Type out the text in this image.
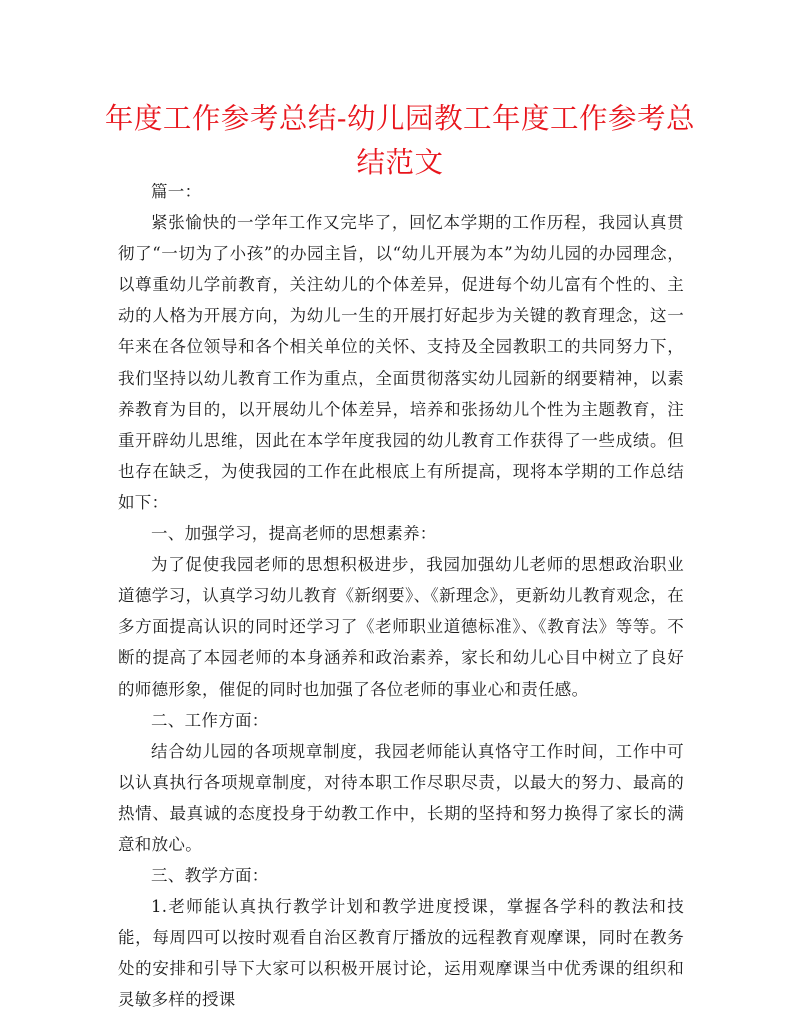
年度工作参考总结-幼儿园教工年度工作参考总结范文

篇一：

紧张愉快的一学年工作又完毕了，回忆本学期的工作历程，我园认真贯彻了“一切为了小孩”的办园主旨，以“幼儿开展为本”为幼儿园的办园理念，以尊重幼儿学前教育，关注幼儿的个体差异，促进每个幼儿富有个性的、主动的人格为开展方向，为幼儿一生的开展打好起步为关键的教育理念，这一年来在各位领导和各个相关单位的关怀、支持及全园教职工的共同努力下，我们坚持以幼儿教育工作为重点，全面贯彻落实幼儿园新的纲要精神，以素养教育为目的，以开展幼儿个体差异，培养和张扬幼儿个性为主题教育，注重开辟幼儿思维，因此在本学年度我园的幼儿教育工作获得了一些成绩。但也存在缺乏，为使我园的工作在此根底上有所提高，现将本学期的工作总结如下：

一、加强学习，提高老师的思想素养：

为了促使我园老师的思想积极进步，我园加强幼儿老师的思想政治职业道德学习，认真学习幼儿教育《新纲要》、《新理念》，更新幼儿教育观念，在多方面提高认识的同时还学习了《老师职业道德标准》、《教育法》等等。不断的提高了本园老师的本身涵养和政治素养，家长和幼儿心目中树立了良好的师德形象，催促的同时也加强了各位老师的事业心和责任感。

二、工作方面：

结合幼儿园的各项规章制度，我园老师能认真恪守工作时间，工作中可以认真执行各项规章制度，对待本职工作尽职尽责，以最大的努力、最高的热情、最真诚的态度投身于幼教工作中，长期的坚持和努力换得了家长的满意和放心。

三、教学方面：

1.老师能认真执行教学计划和教学进度授课，掌握各学科的教法和技能，每周四可以按时观看自治区教育厅播放的远程教育观摩课，同时在教务处的安排和引导下大家可以积极开展讨论，运用观摩课当中优秀课的组织和灵敏多样的授课
